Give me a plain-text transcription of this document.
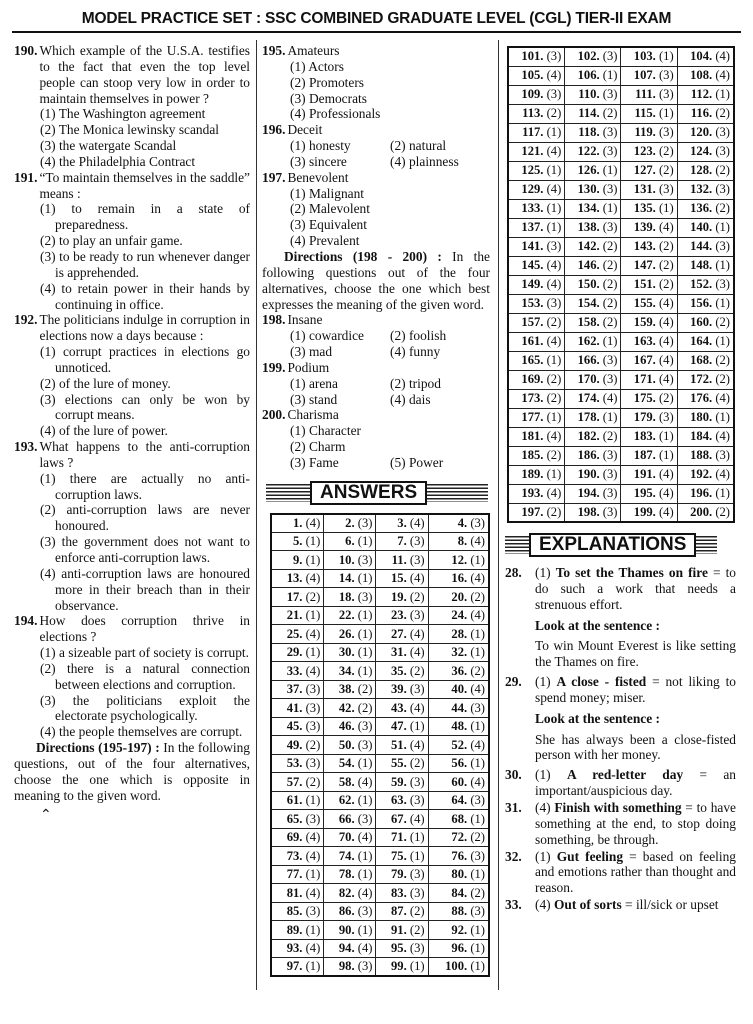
MODEL PRACTICE SET : SSC COMBINED GRADUATE LEVEL (CGL) TIER-II EXAM
190. Which example of the U.S.A. testifies to the fact that even the top level people can stoop very low in order to maintain themselves in power ?
(1) The Washington agreement
(2) The Monica lewinsky scandal
(3) the watergate Scandal
(4) the Philadelphia Contract
191. “To maintain themselves in the saddle” means :
(1) to remain in a state of preparedness.
(2) to play an unfair game.
(3) to be ready to run whenever danger is apprehended.
(4) to retain power in their hands by continuing in office.
192. The politicians indulge in corruption in elections now a days because :
(1) corrupt practices in elections go unnoticed.
(2) of the lure of money.
(3) elections can only be won by corrupt means.
(4) of the lure of power.
193. What happens to the anti-corruption laws ?
(1) there are actually no anti-corruption laws.
(2) anti-corruption laws are never honoured.
(3) the government does not want to enforce anti-corruption laws.
(4) anti-corruption laws are honoured more in their breach than in their observance.
194. How does corruption thrive in elections ?
(1) a sizeable part of society is corrupt.
(2) there is a natural connection between elections and corruption.
(3) the politicians exploit the electorate psychologically.
(4) the people themselves are corrupt.
Directions (195-197) : In the following questions, out of the four alternatives, choose the one which is opposite in meaning to the given word.
⌃
195. Amateurs
(1) Actors
(2) Promoters
(3) Democrats
(4) Professionals
196. Deceit
(1) honesty	(2) natural
(3) sincere	(4) plainness
197. Benevolent
(1) Malignant
(2) Malevolent
(3) Equivalent
(4) Prevalent
Directions (198 - 200) : In the following questions out of the four alternatives, choose the one which best expresses the meaning of the given word.
198. Insane
(1) cowardice	(2) foolish
(3) mad	(4) funny
199. Podium
(1) arena	(2) tripod
(3) stand	(4) dais
200. Charisma
(1) Character
(2) Charm
(3) Fame	(5) Power
ANSWERS
1. (4)	2. (3)	3. (4)	4. (3)
5. (1)	6. (1)	7. (3)	8. (4)
9. (1)	10. (3)	11. (3)	12. (1)
13. (4)	14. (1)	15. (4)	16. (4)
17. (2)	18. (3)	19. (2)	20. (2)
21. (1)	22. (1)	23. (3)	24. (4)
25. (4)	26. (1)	27. (4)	28. (1)
29. (1)	30. (1)	31. (4)	32. (1)
33. (4)	34. (1)	35. (2)	36. (2)
37. (3)	38. (2)	39. (3)	40. (4)
41. (3)	42. (2)	43. (4)	44. (3)
45. (3)	46. (3)	47. (1)	48. (1)
49. (2)	50. (3)	51. (4)	52. (4)
53. (3)	54. (1)	55. (2)	56. (1)
57. (2)	58. (4)	59. (3)	60. (4)
61. (1)	62. (1)	63. (3)	64. (3)
65. (3)	66. (3)	67. (4)	68. (1)
69. (4)	70. (4)	71. (1)	72. (2)
73. (4)	74. (1)	75. (1)	76. (3)
77. (1)	78. (1)	79. (3)	80. (1)
81. (4)	82. (4)	83. (3)	84. (2)
85. (3)	86. (3)	87. (2)	88. (3)
89. (1)	90. (1)	91. (2)	92. (1)
93. (4)	94. (4)	95. (3)	96. (1)
97. (1)	98. (3)	99. (1)	100. (1)
101. (3)	102. (3)	103. (1)	104. (4)
105. (4)	106. (1)	107. (3)	108. (4)
109. (3)	110. (3)	111. (3)	112. (1)
113. (2)	114. (2)	115. (1)	116. (2)
117. (1)	118. (3)	119. (3)	120. (3)
121. (4)	122. (3)	123. (2)	124. (3)
125. (1)	126. (1)	127. (2)	128. (2)
129. (4)	130. (3)	131. (3)	132. (3)
133. (1)	134. (1)	135. (1)	136. (2)
137. (1)	138. (3)	139. (4)	140. (1)
141. (3)	142. (2)	143. (2)	144. (3)
145. (4)	146. (2)	147. (2)	148. (1)
149. (4)	150. (2)	151. (2)	152. (3)
153. (3)	154. (2)	155. (4)	156. (1)
157. (2)	158. (2)	159. (4)	160. (2)
161. (4)	162. (1)	163. (4)	164. (1)
165. (1)	166. (3)	167. (4)	168. (2)
169. (2)	170. (3)	171. (4)	172. (2)
173. (2)	174. (4)	175. (2)	176. (4)
177. (1)	178. (1)	179. (3)	180. (1)
181. (4)	182. (2)	183. (1)	184. (4)
185. (2)	186. (3)	187. (1)	188. (3)
189. (1)	190. (3)	191. (4)	192. (4)
193. (4)	194. (3)	195. (4)	196. (1)
197. (2)	198. (3)	199. (4)	200. (2)
EXPLANATIONS
28. (1) To set the Thames on fire = to do such a work that needs a strenuous effort.
Look at the sentence :
To win Mount Everest is like setting the Thames on fire.
29. (1) A close - fisted = not liking to spend money; miser.
Look at the sentence :
She has always been a close-fisted person with her money.
30. (1) A red-letter day = an important/auspicious day.
31. (4) Finish with something = to have something at the end, to stop doing something, be through.
32. (1) Gut feeling = based on feeling and emotions rather than thought and reason.
33. (4) Out of sorts = ill/sick or upset
